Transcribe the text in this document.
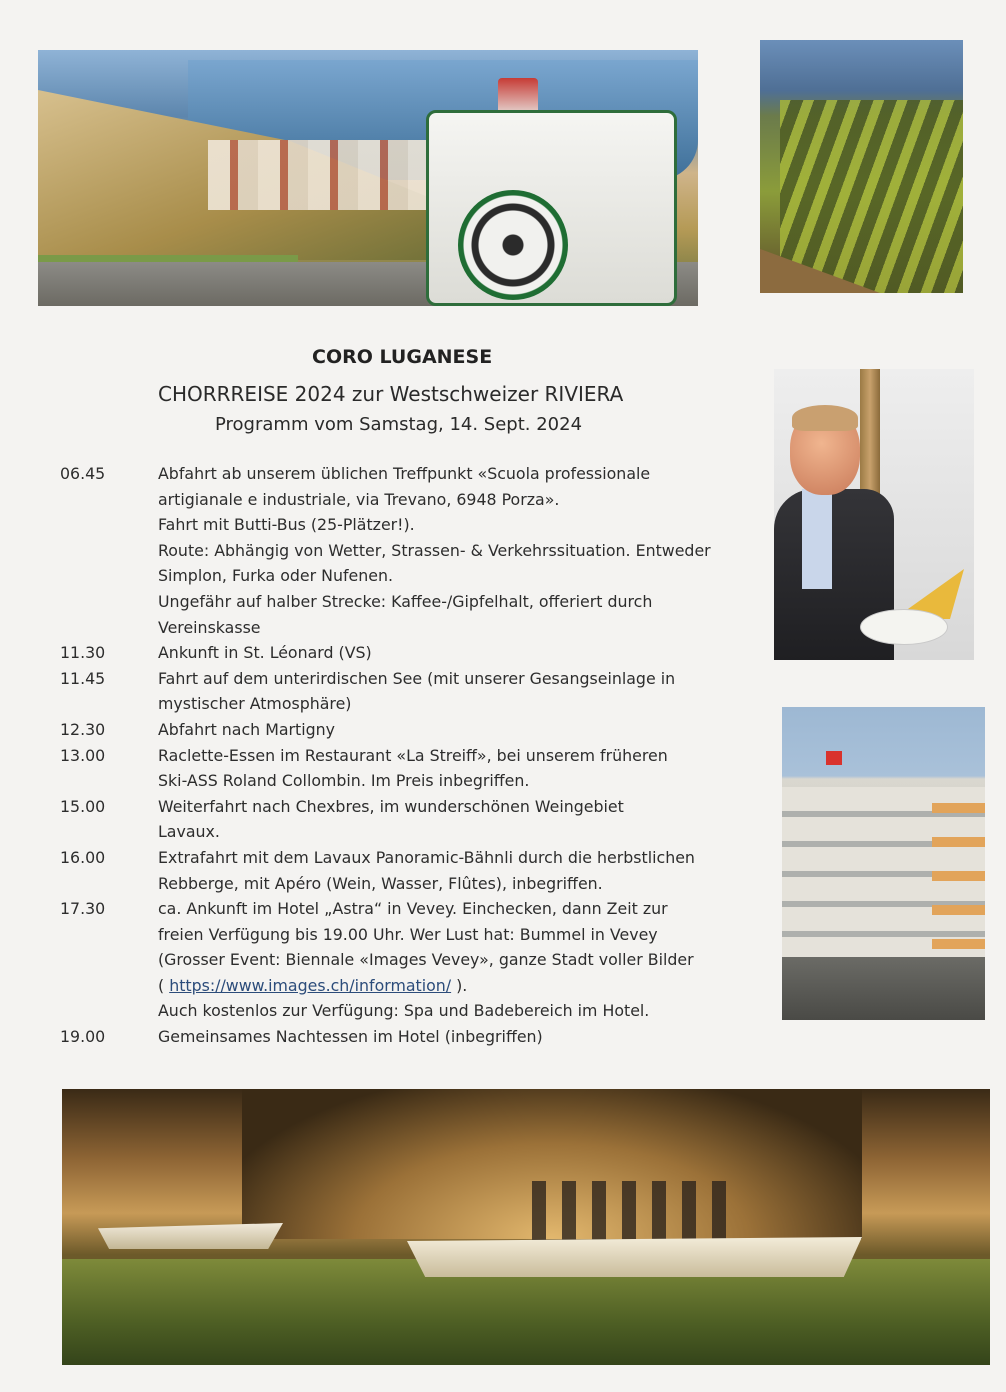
CORO LUGANESE
CHORRREISE 2024 zur Westschweizer RIVIERA
Programm vom Samstag, 14. Sept. 2024
06.45	Abfahrt ab unserem üblichen Treffpunkt «Scuola professionale
artigianale e industriale, via Trevano, 6948 Porza».
Fahrt mit Butti-Bus (25-Plätzer!).
Route: Abhängig von Wetter, Strassen- & Verkehrssituation. Entweder
Simplon, Furka oder Nufenen.
Ungefähr auf halber Strecke: Kaffee-/Gipfelhalt, offeriert durch
Vereinskasse
11.30	Ankunft in St. Léonard (VS)
11.45	Fahrt auf dem unterirdischen See (mit unserer Gesangseinlage in
mystischer Atmosphäre)
12.30	Abfahrt nach Martigny
13.00	Raclette-Essen im Restaurant «La Streiff», bei unserem früheren
Ski-ASS Roland Collombin. Im Preis inbegriffen.
15.00	Weiterfahrt nach Chexbres, im wunderschönen Weingebiet
Lavaux.
16.00	Extrafahrt mit dem Lavaux Panoramic-Bähnli durch die herbstlichen
Rebberge, mit Apéro (Wein, Wasser, Flûtes), inbegriffen.
17.30	ca. Ankunft im Hotel „Astra“ in Vevey. Einchecken, dann Zeit zur
freien Verfügung bis 19.00 Uhr. Wer Lust hat: Bummel in Vevey
(Grosser Event: Biennale «Images Vevey», ganze Stadt voller Bilder
( https://www.images.ch/information/ ).
Auch kostenlos zur Verfügung: Spa und Badebereich im Hotel.
19.00	Gemeinsames Nachtessen im Hotel (inbegriffen)
